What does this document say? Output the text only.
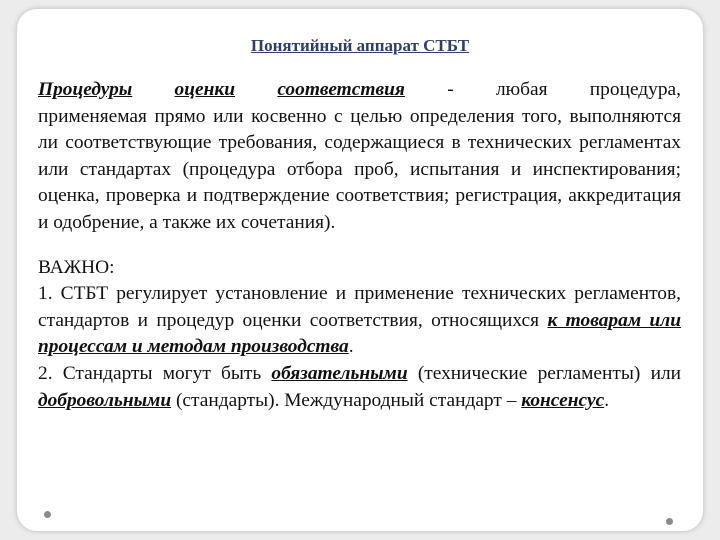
Понятийный аппарат СТБТ

Процедуры оценки соответствия - любая процедура,

применяемая прямо или косвенно с целью определения того, выполняются ли соответствующие требования, содержащиеся в технических регламентах или стандартах (процедура отбора проб, испытания и инспектирования; оценка, проверка и подтверждение соответствия; регистрация, аккредитация и одобрение, а также их сочетания).

ВАЖНО:

1. СТБТ регулирует установление и применение технических регламентов, стандартов и процедур оценки соответствия, относящихся к товарам или процессам и методам производства.

2. Стандарты могут быть обязательными (технические регламенты) или добровольными (стандарты). Международный стандарт – консенсус.
